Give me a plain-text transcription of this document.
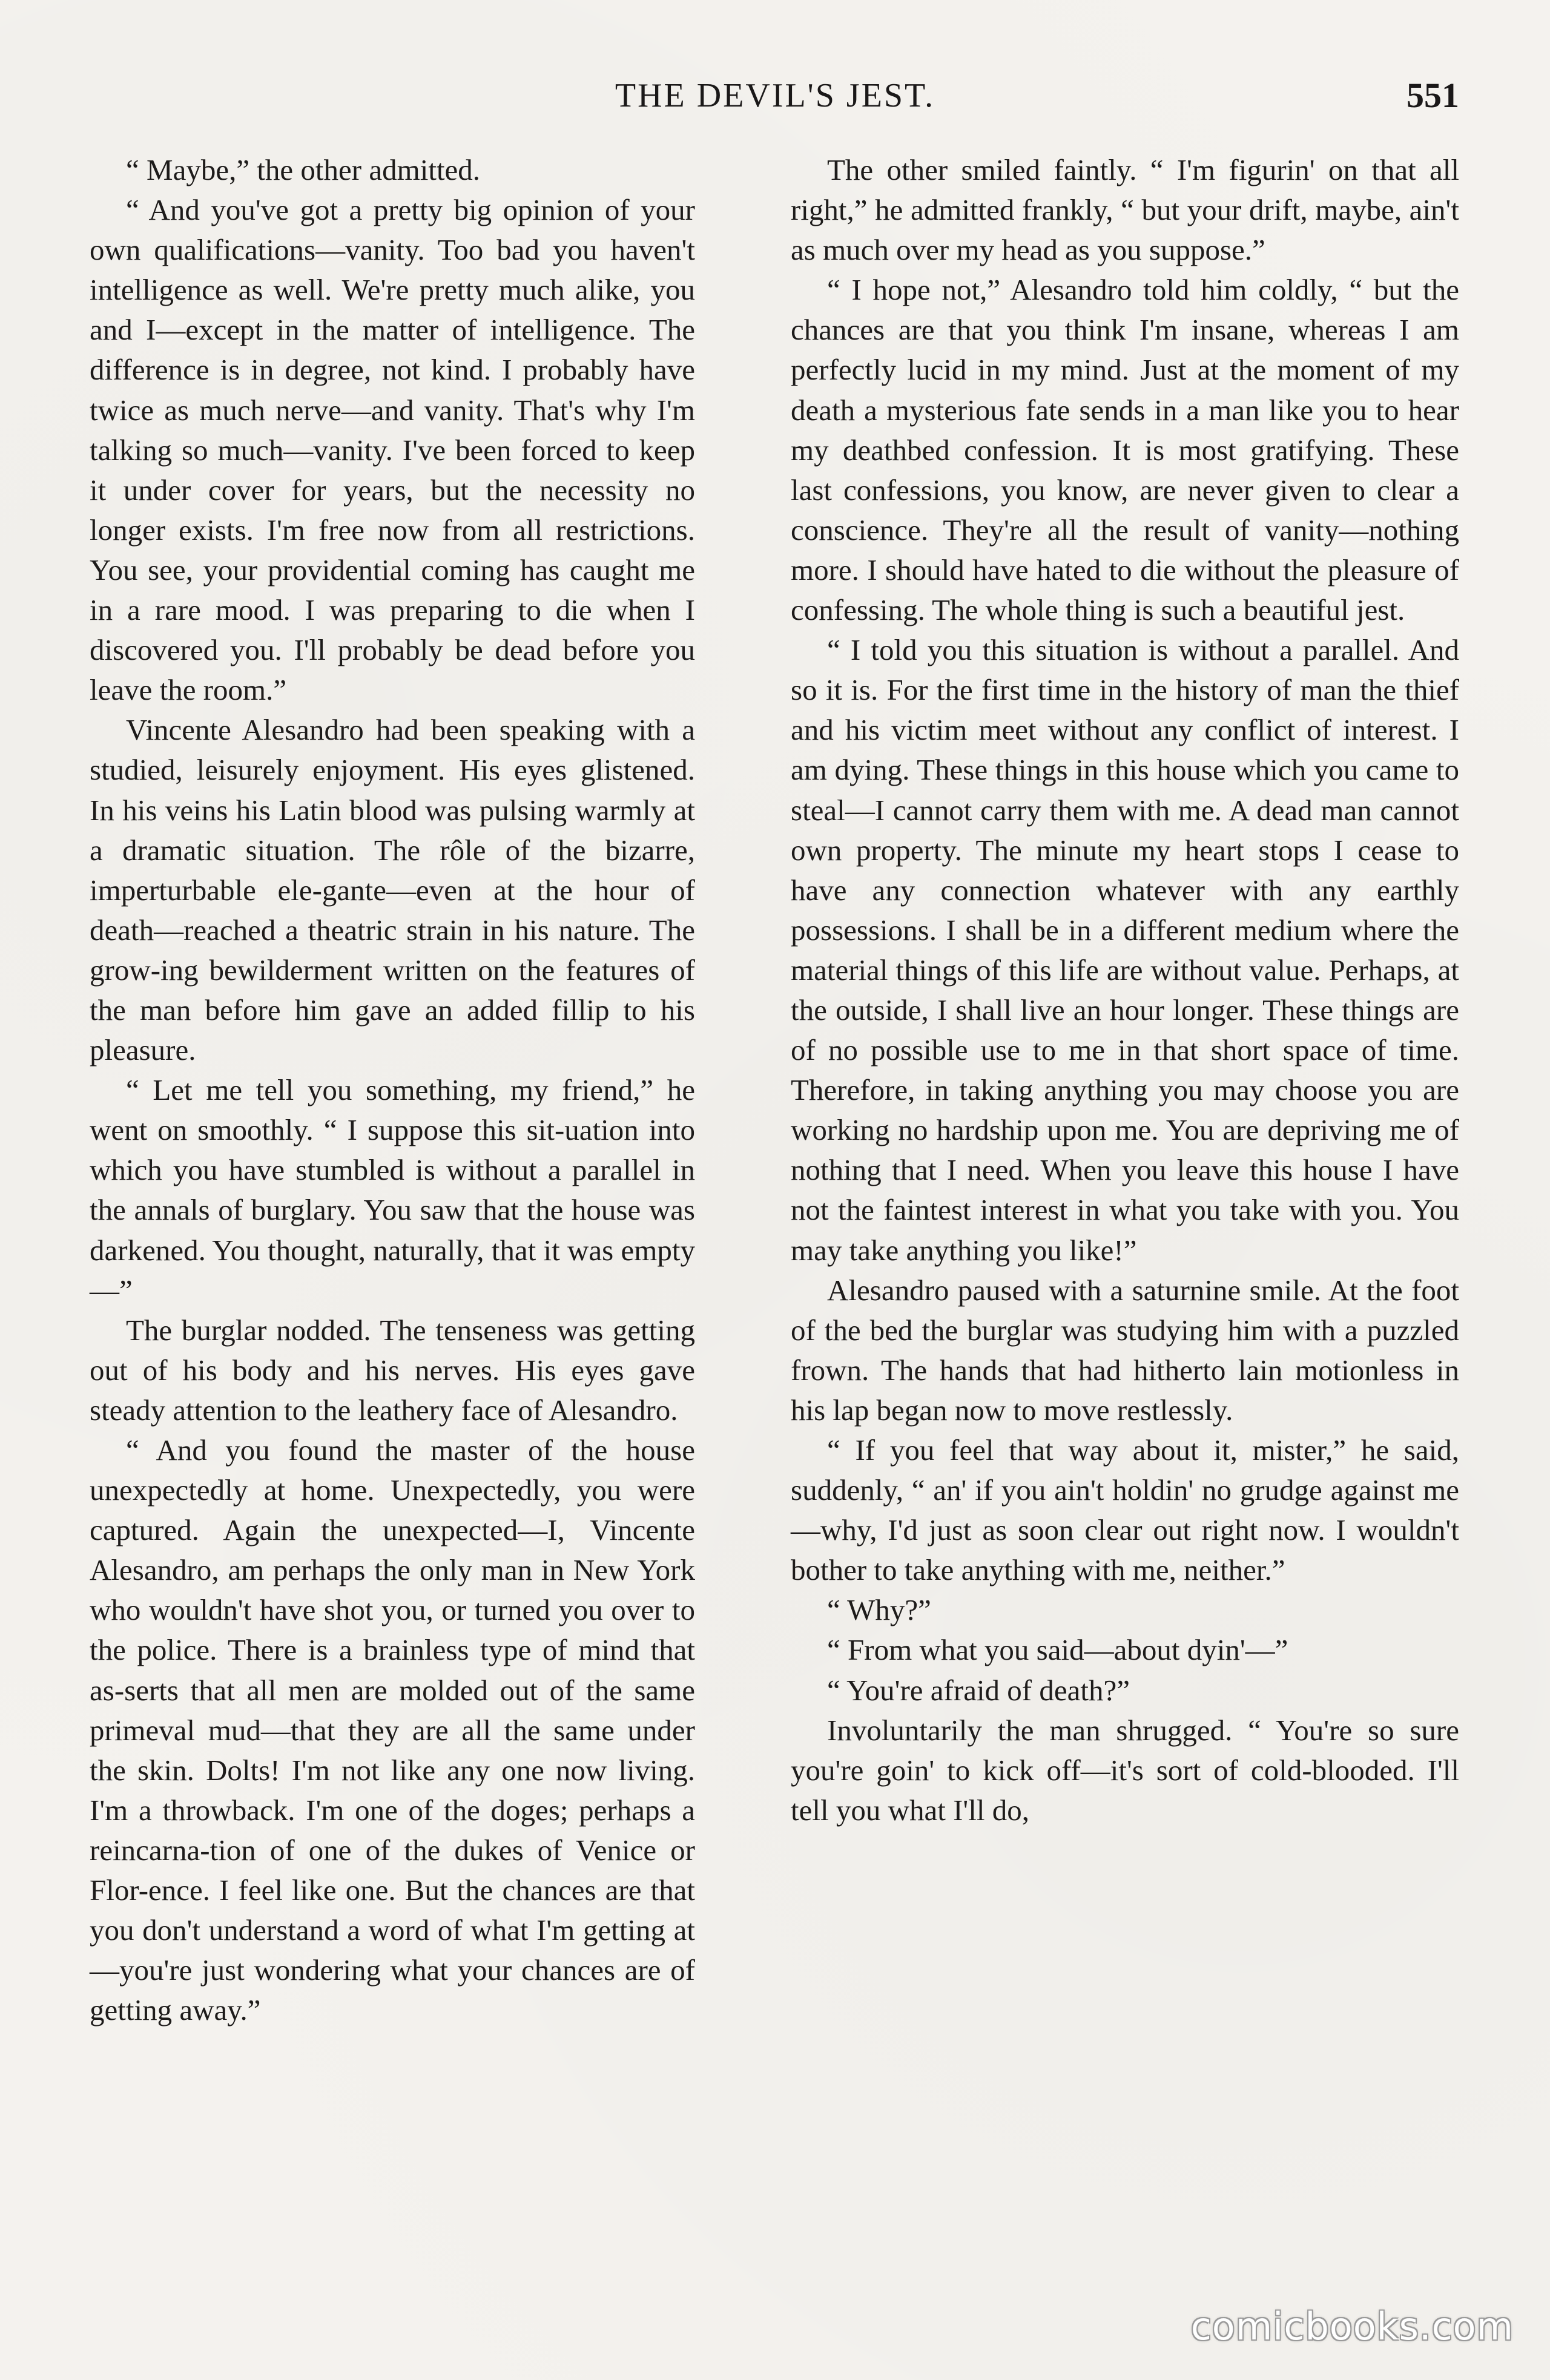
THE DEVIL'S JEST.	551

“ Maybe,” the other admitted.

“ And you've got a pretty big opinion of your own qualifications—vanity. Too bad you haven't intelligence as well. We're pretty much alike, you and I—except in the matter of intelligence. The difference is in degree, not kind. I probably have twice as much nerve—and vanity. That's why I'm talking so much—vanity. I've been forced to keep it under cover for years, but the necessity no longer exists. I'm free now from all restrictions. You see, your providential coming has caught me in a rare mood. I was preparing to die when I discovered you. I'll probably be dead before you leave the room.”

Vincente Alesandro had been speaking with a studied, leisurely enjoyment. His eyes glistened. In his veins his Latin blood was pulsing warmly at a dramatic situation. The rôle of the bizarre, imperturbable ele-gante—even at the hour of death—reached a theatric strain in his nature. The grow-ing bewilderment written on the features of the man before him gave an added fillip to his pleasure.

“ Let me tell you something, my friend,” he went on smoothly. “ I suppose this sit-uation into which you have stumbled is without a parallel in the annals of burglary. You saw that the house was darkened. You thought, naturally, that it was empty—”

The burglar nodded. The tenseness was getting out of his body and his nerves. His eyes gave steady attention to the leathery face of Alesandro.

“ And you found the master of the house unexpectedly at home. Unexpectedly, you were captured. Again the unexpected—I, Vincente Alesandro, am perhaps the only man in New York who wouldn't have shot you, or turned you over to the police. There is a brainless type of mind that as-serts that all men are molded out of the same primeval mud—that they are all the same under the skin. Dolts! I'm not like any one now living. I'm a throwback. I'm one of the doges; perhaps a reincarna-tion of one of the dukes of Venice or Flor-ence. I feel like one. But the chances are that you don't understand a word of what I'm getting at—you're just wondering what your chances are of getting away.”

The other smiled faintly. “ I'm figurin' on that all right,” he admitted frankly, “ but your drift, maybe, ain't as much over my head as you suppose.”

“ I hope not,” Alesandro told him coldly, “ but the chances are that you think I'm insane, whereas I am perfectly lucid in my mind. Just at the moment of my death a mysterious fate sends in a man like you to hear my deathbed confession. It is most gratifying. These last confessions, you know, are never given to clear a conscience. They're all the result of vanity—nothing more. I should have hated to die without the pleasure of confessing. The whole thing is such a beautiful jest.

“ I told you this situation is without a parallel. And so it is. For the first time in the history of man the thief and his victim meet without any conflict of interest. I am dying. These things in this house which you came to steal—I cannot carry them with me. A dead man cannot own property. The minute my heart stops I cease to have any connection whatever with any earthly possessions. I shall be in a different medium where the material things of this life are without value. Perhaps, at the outside, I shall live an hour longer. These things are of no possible use to me in that short space of time. Therefore, in taking anything you may choose you are working no hardship upon me. You are depriving me of nothing that I need. When you leave this house I have not the faintest interest in what you take with you. You may take anything you like!”

Alesandro paused with a saturnine smile. At the foot of the bed the burglar was studying him with a puzzled frown. The hands that had hitherto lain motionless in his lap began now to move restlessly.

“ If you feel that way about it, mister,” he said, suddenly, “ an' if you ain't holdin' no grudge against me—why, I'd just as soon clear out right now. I wouldn't bother to take anything with me, neither.”

“ Why?”

“ From what you said—about dyin'—”

“ You're afraid of death?”

Involuntarily the man shrugged. “ You're so sure you're goin' to kick off—it's sort of cold-blooded. I'll tell you what I'll do,

comicbooks.com
